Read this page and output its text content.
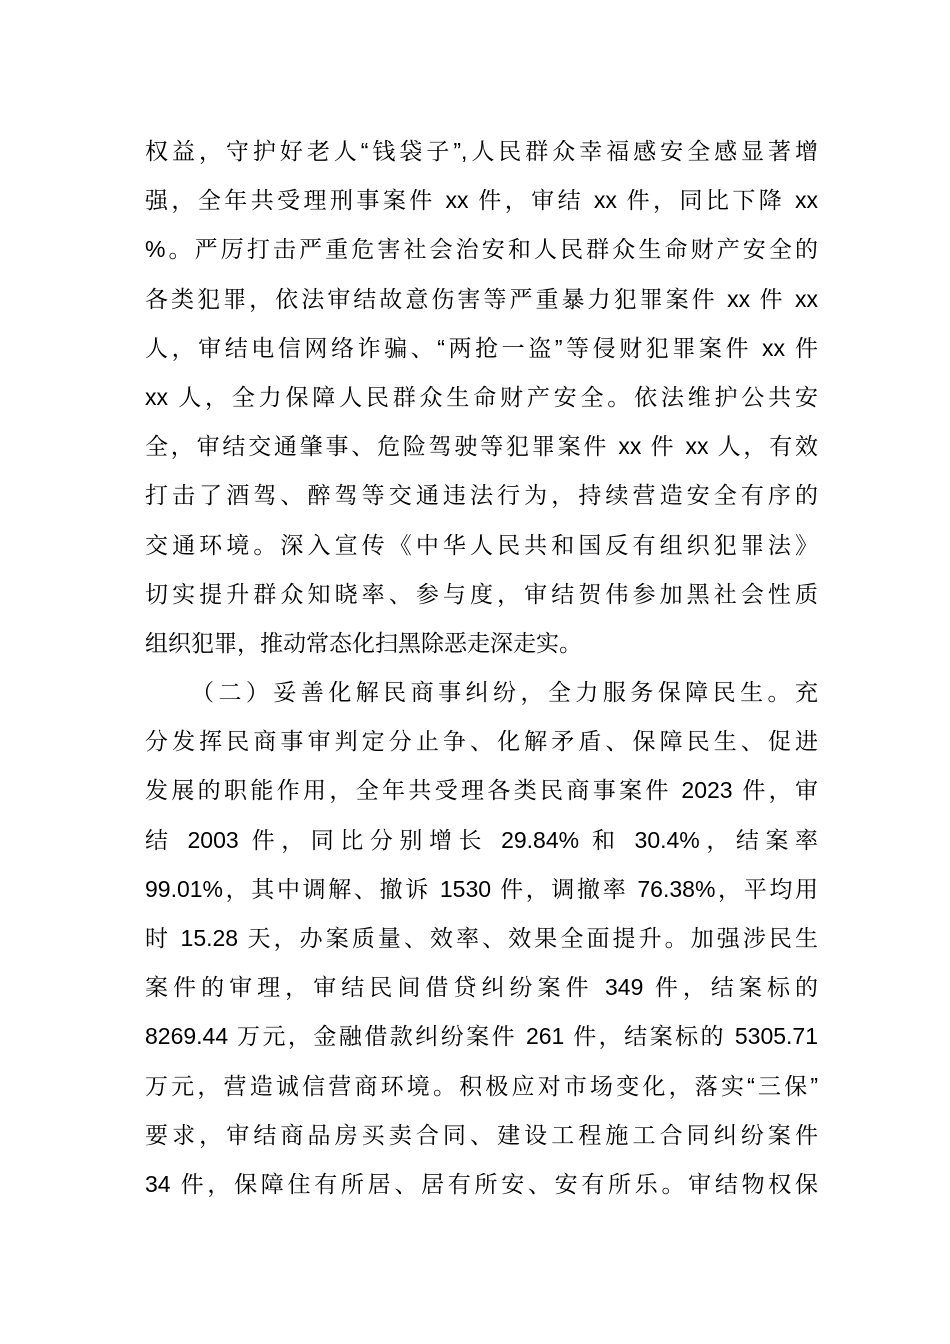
权益，守护好老人“钱袋子”,人民群众幸福感安全感显著增
强，全年共受理刑事案件 xx 件，审结 xx 件，同比下降 xx
%。严厉打击严重危害社会治安和人民群众生命财产安全的
各类犯罪，依法审结故意伤害等严重暴力犯罪案件 xx 件 xx
人，审结电信网络诈骗、“两抢一盗”等侵财犯罪案件 xx 件
xx 人，全力保障人民群众生命财产安全。依法维护公共安
全，审结交通肇事、危险驾驶等犯罪案件 xx 件 xx 人，有效
打击了酒驾、醉驾等交通违法行为，持续营造安全有序的
交通环境。深入宣传《中华人民共和国反有组织犯罪法》
切实提升群众知晓率、参与度，审结贺伟参加黑社会性质
组织犯罪，推动常态化扫黑除恶走深走实。
（二）妥善化解民商事纠纷，全力服务保障民生。充
分发挥民商事审判定分止争、化解矛盾、保障民生、促进
发展的职能作用，全年共受理各类民商事案件 2023 件，审
结 2003 件，同比分别增长 29.84% 和 30.4%，结案率
99.01%，其中调解、撤诉 1530 件，调撤率 76.38%，平均用
时 15.28 天，办案质量、效率、效果全面提升。加强涉民生
案件的审理，审结民间借贷纠纷案件 349 件，结案标的
8269.44 万元，金融借款纠纷案件 261 件，结案标的 5305.71
万元，营造诚信营商环境。积极应对市场变化，落实“三保”
要求，审结商品房买卖合同、建设工程施工合同纠纷案件
34 件，保障住有所居、居有所安、安有所乐。审结物权保
